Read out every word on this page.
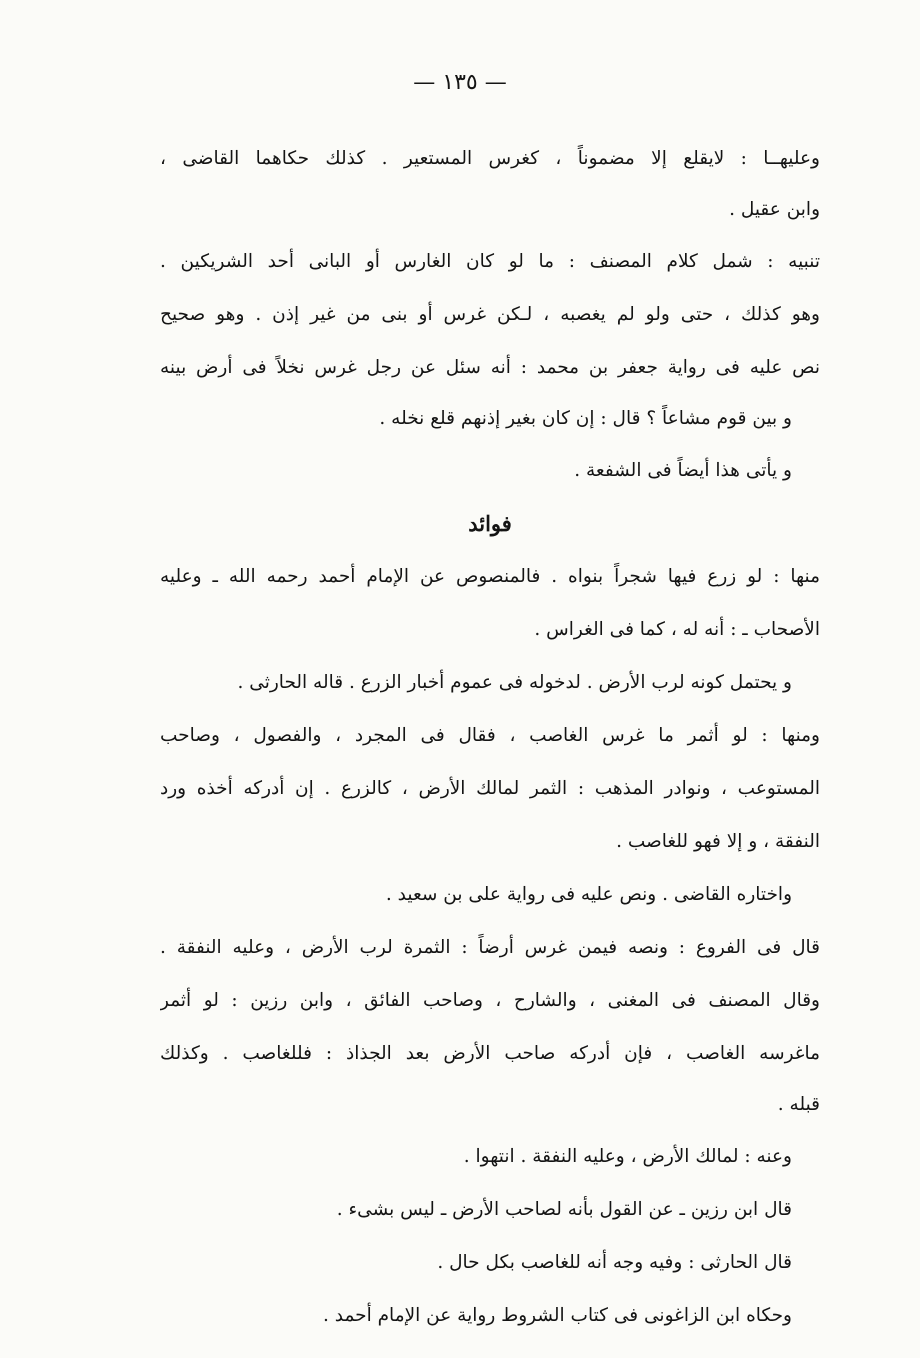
— ١٣٥ —
وعليهــا : لايقلع إلا مضموناً ، كغرس المستعير . كذلك حكاهما القاضى ،
وابن عقيل .
تنبيه : شمل كلام المصنف : ما لو كان الغارس أو البانى أحد الشريكين .
وهو كذلك ، حتى ولو لم يغصبه ، لـكن غرس أو بنى من غير إذن . وهو صحيح
نص عليه فى رواية جعفر بن محمد : أنه سئل عن رجل غرس نخلاً فى أرض بينه
و بين قوم مشاعاً ؟ قال : إن كان بغير إذنهم قلع نخله .
و يأتى هذا أيضاً فى الشفعة .
فوائد
منها : لو زرع فيها شجراً بنواه . فالمنصوص عن الإمام أحمد رحمه الله ـ وعليه
الأصحاب ـ : أنه له ، كما فى الغراس .
و يحتمل كونه لرب الأرض . لدخوله فى عموم أخبار الزرع . قاله الحارثى .
ومنها : لو أثمر ما غرس الغاصب ، فقال فى المجرد ، والفصول ، وصاحب
المستوعب ، ونوادر المذهب : الثمر لمالك الأرض ، كالزرع . إن أدركه أخذه ورد
النفقة ، و إلا فهو للغاصب .
واختاره القاضى . ونص عليه فى رواية على بن سعيد .
قال فى الفروع : ونصه فيمن غرس أرضاً : الثمرة لرب الأرض ، وعليه النفقة .
وقال المصنف فى المغنى ، والشارح ، وصاحب الفائق ، وابن رزين : لو أثمر
ماغرسه الغاصب ، فإن أدركه صاحب الأرض بعد الجذاذ : فللغاصب . وكذلك
قبله .
وعنه : لمالك الأرض ، وعليه النفقة . انتهوا .
قال ابن رزين ـ عن القول بأنه لصاحب الأرض ـ ليس بشىء .
قال الحارثى : وفيه وجه أنه للغاصب بكل حال .
وحكاه ابن الزاغونى فى كتاب الشروط رواية عن الإمام أحمد .
